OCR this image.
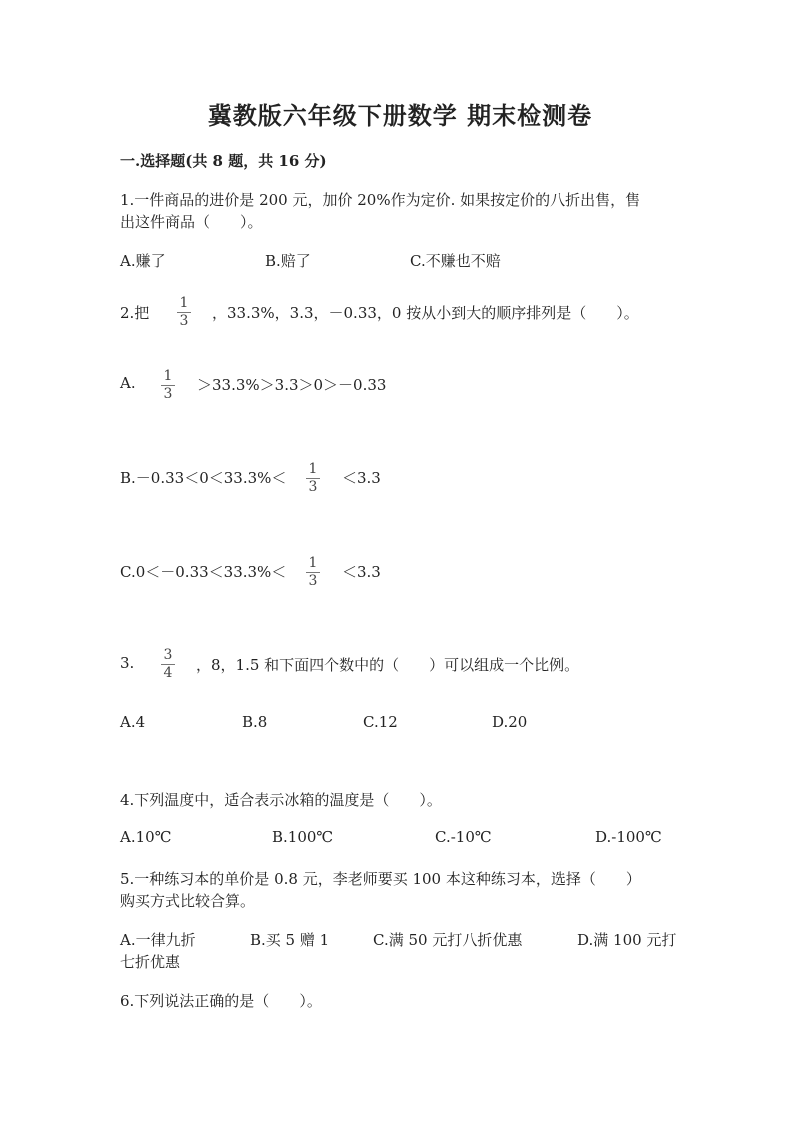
冀教版六年级下册数学 期末检测卷
一.选择题(共 8 题，共 16 分)
1.一件商品的进价是 200 元，加价 20%作为定价. 如果按定价的八折出售，售
出这件商品（　　）。
A.赚了	B.赔了	C.不赚也不赔
2.把
1
3 ，33.3%，3.3，－0.33，0 按从小到大的顺序排列是（　　）。
A. 1
3 ＞33.3%＞3.3＞0＞－0.33
B.－0.33＜0＜33.3%＜ 1
3 ＜3.3
C.0＜－0.33＜33.3%＜ 1
3 ＜3.3
3. 3
4 ，8，1.5 和下面四个数中的（　　）可以组成一个比例。
A.4	B.8	C.12	D.20
4.下列温度中，适合表示冰箱的温度是（　　）。
A.10℃	B.100℃	C.-10℃	D.-100℃
5.一种练习本的单价是 0.8 元，李老师要买 100 本这种练习本，选择（　　）
购买方式比较合算。
A.一律九折	B.买 5 赠 1	C.满 50 元打八折优惠	D.满 100 元打
七折优惠
6.下列说法正确的是（　　）。
